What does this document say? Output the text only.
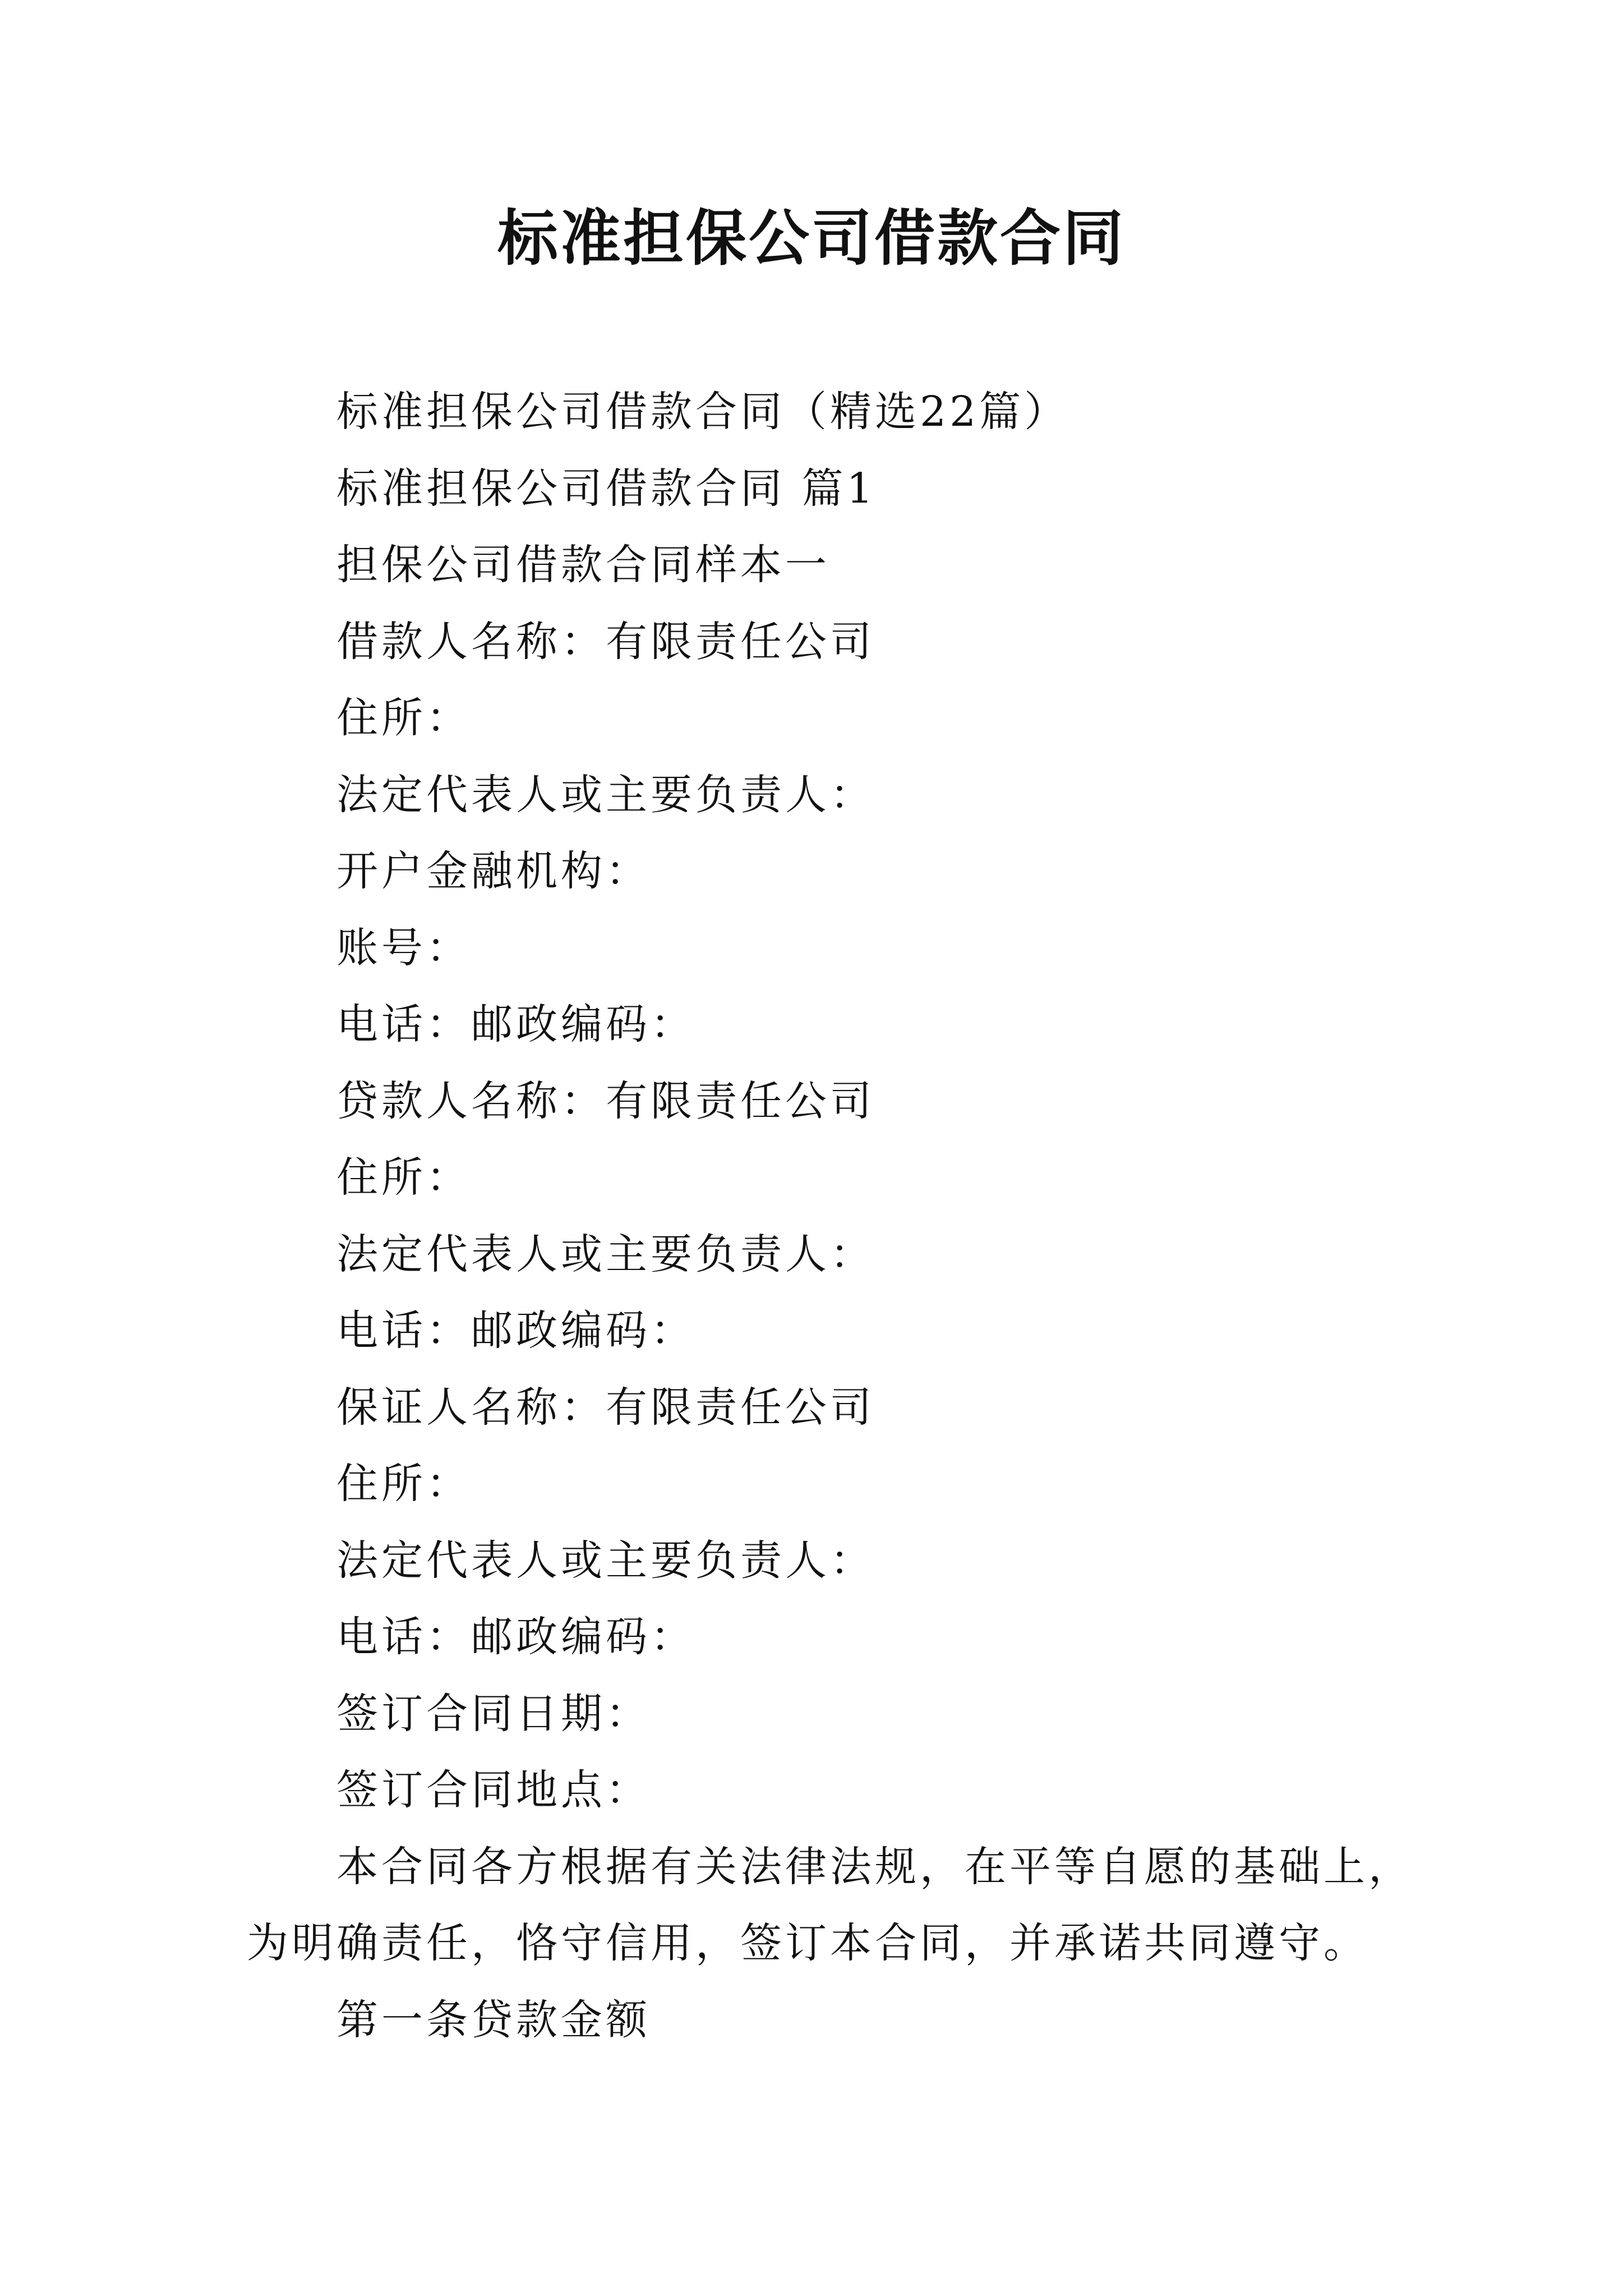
标准担保公司借款合同

标准担保公司借款合同（精选22篇）

标准担保公司借款合同 篇1

担保公司借款合同样本一

借款人名称：有限责任公司

住所：

法定代表人或主要负责人：

开户金融机构：

账号：

电话：邮政编码：

贷款人名称：有限责任公司

住所：

法定代表人或主要负责人：

电话：邮政编码：

保证人名称：有限责任公司

住所：

法定代表人或主要负责人：

电话：邮政编码：

签订合同日期：

签订合同地点：

本合同各方根据有关法律法规，在平等自愿的基础上，为明确责任，恪守信用，签订本合同，并承诺共同遵守。

第一条贷款金额
